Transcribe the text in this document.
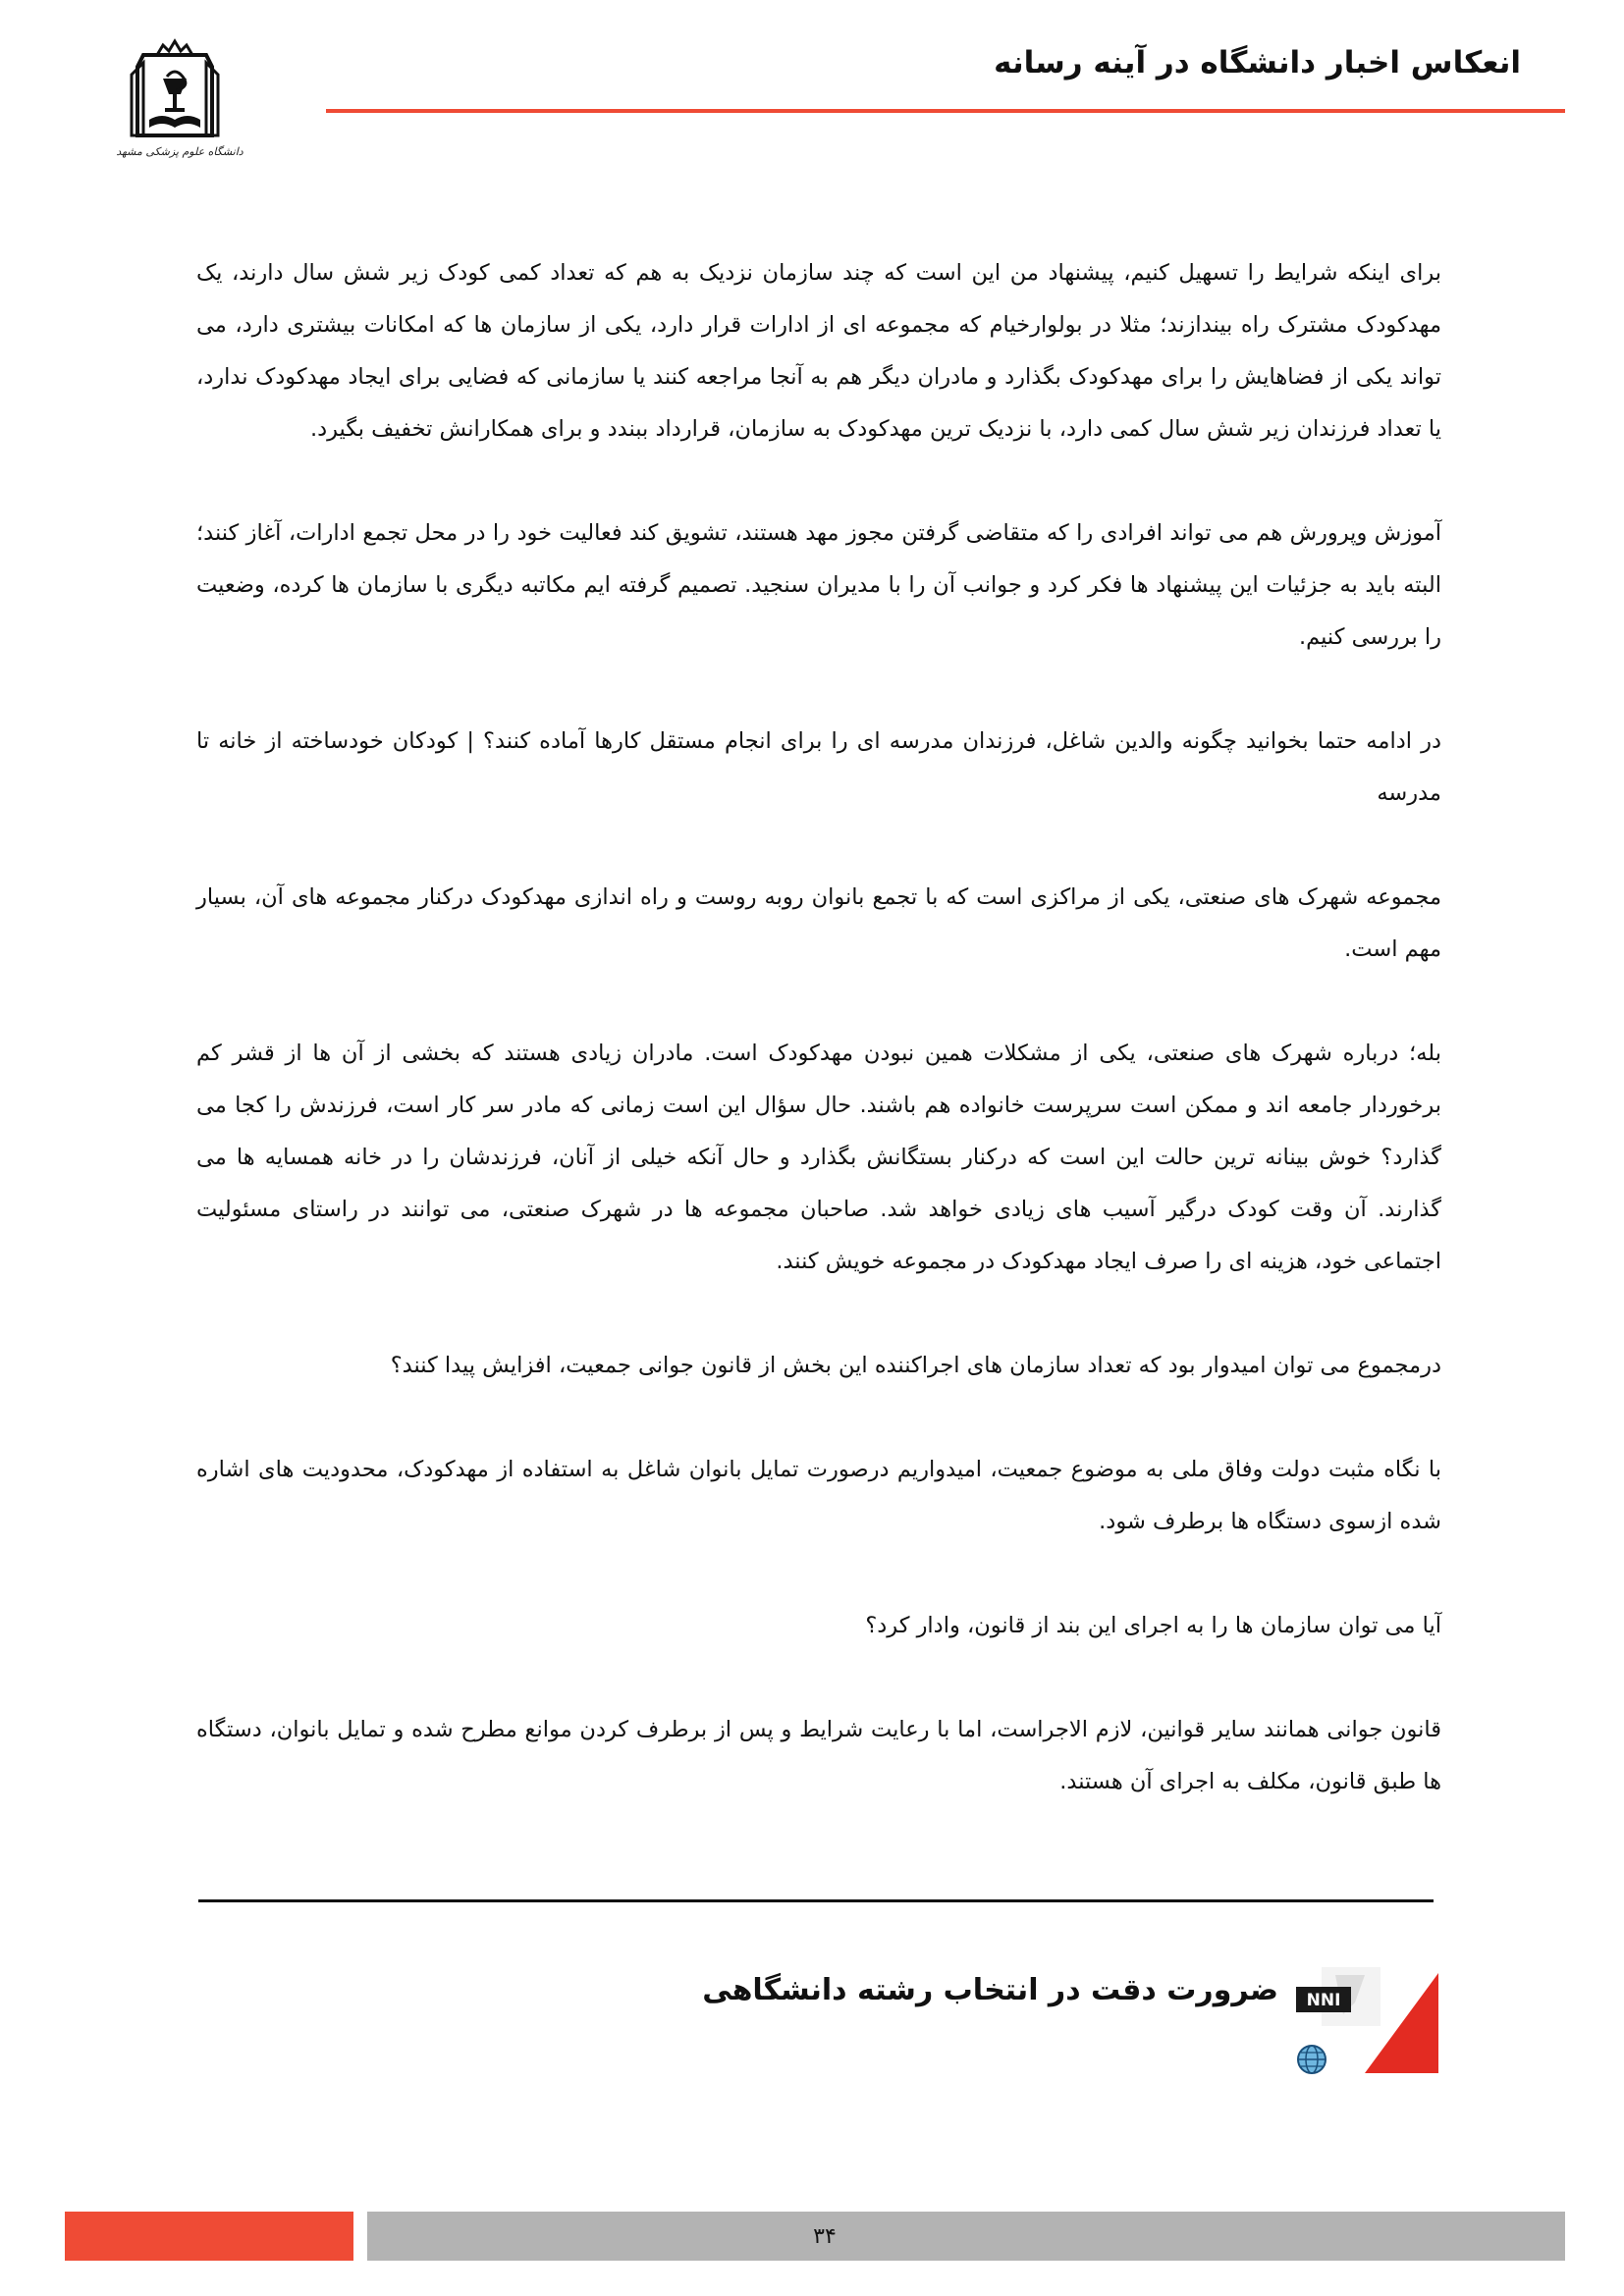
انعکاس اخبار دانشگاه در آینه رسانه
دانشگاه علوم پزشکی مشهد

برای اینکه شرایط را تسهیل کنیم، پیشنهاد من این است که چند سازمان نزدیک به هم که تعداد کمی کودک زیر شش سال دارند، یک مهدکودک مشترک راه بیندازند؛ مثلا در بولوارخیام که مجموعه ای از ادارات قرار دارد، یکی از سازمان ها که امکانات بیشتری دارد، می تواند یکی از فضاهایش را برای مهدکودک بگذارد و مادران دیگر هم به آنجا مراجعه کنند یا سازمانی که فضایی برای ایجاد مهدکودک ندارد، یا تعداد فرزندان زیر شش سال کمی دارد، با نزدیک ترین مهدکودک به سازمان، قرارداد ببندد و برای همکارانش تخفیف بگیرد.

آموزش وپرورش هم می تواند افرادی را که متقاضی گرفتن مجوز مهد هستند، تشویق کند فعالیت خود را در محل تجمع ادارات، آغاز کنند؛ البته باید به جزئیات این پیشنهاد ها فکر کرد و جوانب آن را با مدیران سنجید. تصمیم گرفته ایم مکاتبه دیگری با سازمان ها کرده، وضعیت را بررسی کنیم.

در ادامه حتما بخوانید چگونه والدین شاغل، فرزندان مدرسه ای را برای انجام مستقل کارها آماده کنند؟ | کودکان خودساخته از خانه تا مدرسه

مجموعه شهرک های صنعتی، یکی از مراکزی است که با تجمع بانوان روبه روست و راه اندازی مهدکودک درکنار مجموعه های آن، بسیار مهم است.

بله؛ درباره شهرک های صنعتی، یکی از مشکلات همین نبودن مهدکودک است. مادران زیادی هستند که بخشی از آن ها از قشر کم برخوردار جامعه اند و ممکن است سرپرست خانواده هم باشند. حال سؤال این است زمانی که مادر سر کار است، فرزندش را کجا می گذارد؟ خوش بینانه ترین حالت این است که درکنار بستگانش بگذارد و حال آنکه خیلی از آنان، فرزندشان را در خانه همسایه ها می گذارند. آن وقت کودک درگیر آسیب های زیادی خواهد شد. صاحبان مجموعه ها در شهرک صنعتی، می توانند در راستای مسئولیت اجتماعی خود، هزینه ای را صرف ایجاد مهدکودک در مجموعه خویش کنند.

درمجموع می توان امیدوار بود که تعداد سازمان های اجراکننده این بخش از قانون جوانی جمعیت، افزایش پیدا کنند؟

با نگاه مثبت دولت وفاق ملی به موضوع جمعیت، امیدواریم درصورت تمایل بانوان شاغل به استفاده از مهدکودک، محدودیت های اشاره شده ازسوی دستگاه ها برطرف شود.

آیا می توان سازمان ها را به اجرای این بند از قانون، وادار کرد؟

قانون جوانی همانند سایر قوانین، لازم الاجراست، اما با رعایت شرایط و پس از برطرف کردن موانع مطرح شده و تمایل بانوان، دستگاه ها طبق قانون، مکلف به اجرای آن هستند.

ضرورت دقت در انتخاب رشته دانشگاهی NNI
۳۴
